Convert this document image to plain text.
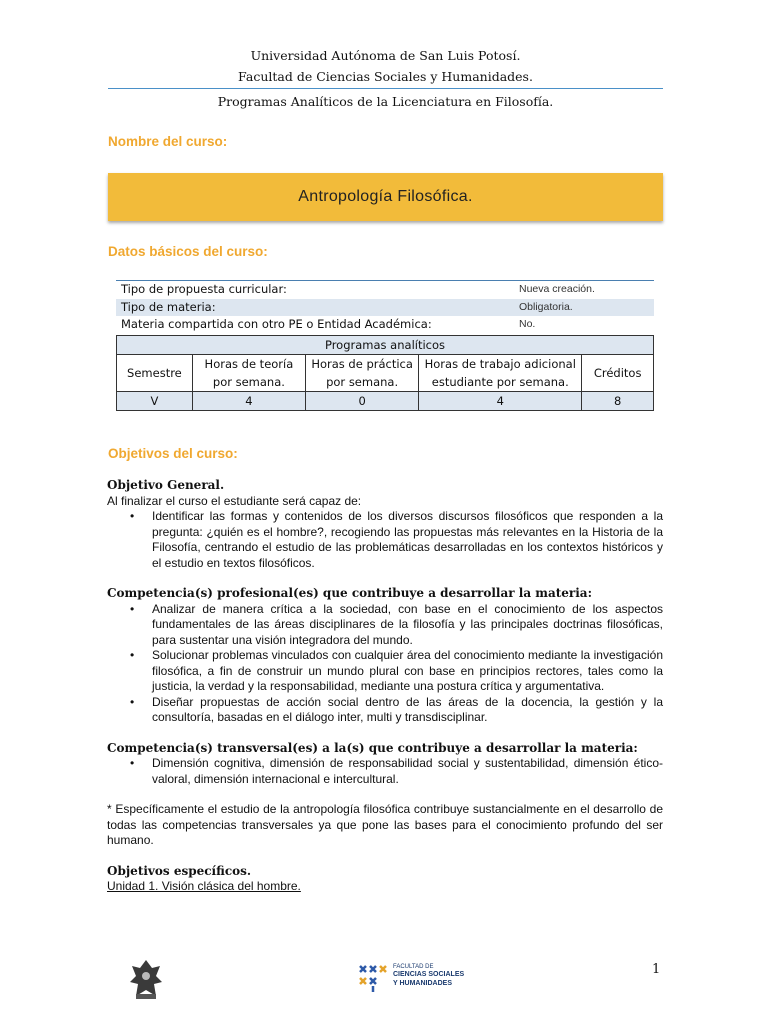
Universidad Autónoma de San Luis Potosí.
Facultad de Ciencias Sociales y Humanidades.
Programas Analíticos de la Licenciatura en Filosofía.
Nombre del curso:
Antropología Filosófica.
Datos básicos del curso:
Tipo de propuesta curricular:	Nueva creación.
Tipo de materia:	Obligatoria.
Materia compartida con otro PE o Entidad Académica:	No.
Programas analíticos				
Semestre	Horas de teoría por semana.	Horas de práctica por semana.	Horas de trabajo adicional estudiante por semana.	Créditos
V	4	0	4	8
Objetivos del curso:
Objetivo General.
Al finalizar el curso el estudiante será capaz de:
• Identificar las formas y contenidos de los diversos discursos filosóficos que responden a la pregunta: ¿quién es el hombre?, recogiendo las propuestas más relevantes en la Historia de la Filosofía, centrando el estudio de las problemáticas desarrolladas en los contextos históricos y el estudio en textos filosóficos.
Competencia(s) profesional(es) que contribuye a desarrollar la materia:
• Analizar de manera crítica a la sociedad, con base en el conocimiento de los aspectos fundamentales de las áreas disciplinares de la filosofía y las principales doctrinas filosóficas, para sustentar una visión integradora del mundo.
• Solucionar problemas vinculados con cualquier área del conocimiento mediante la investigación filosófica, a fin de construir un mundo plural con base en principios rectores, tales como la justicia, la verdad y la responsabilidad, mediante una postura crítica y argumentativa.
• Diseñar propuestas de acción social dentro de las áreas de la docencia, la gestión y la consultoría, basadas en el diálogo inter, multi y transdisciplinar.
Competencia(s) transversal(es) a la(s) que contribuye a desarrollar la materia:
• Dimensión cognitiva, dimensión de responsabilidad social y sustentabilidad, dimensión ético-valoral, dimensión internacional e intercultural.
* Específicamente el estudio de la antropología filosófica contribuye sustancialmente en el desarrollo de todas las competencias transversales ya que pone las bases para el conocimiento profundo del ser humano.
Objetivos específicos.
Unidad 1. Visión clásica del hombre.
FACULTAD DE
CIENCIAS SOCIALES
Y HUMANIDADES
1
